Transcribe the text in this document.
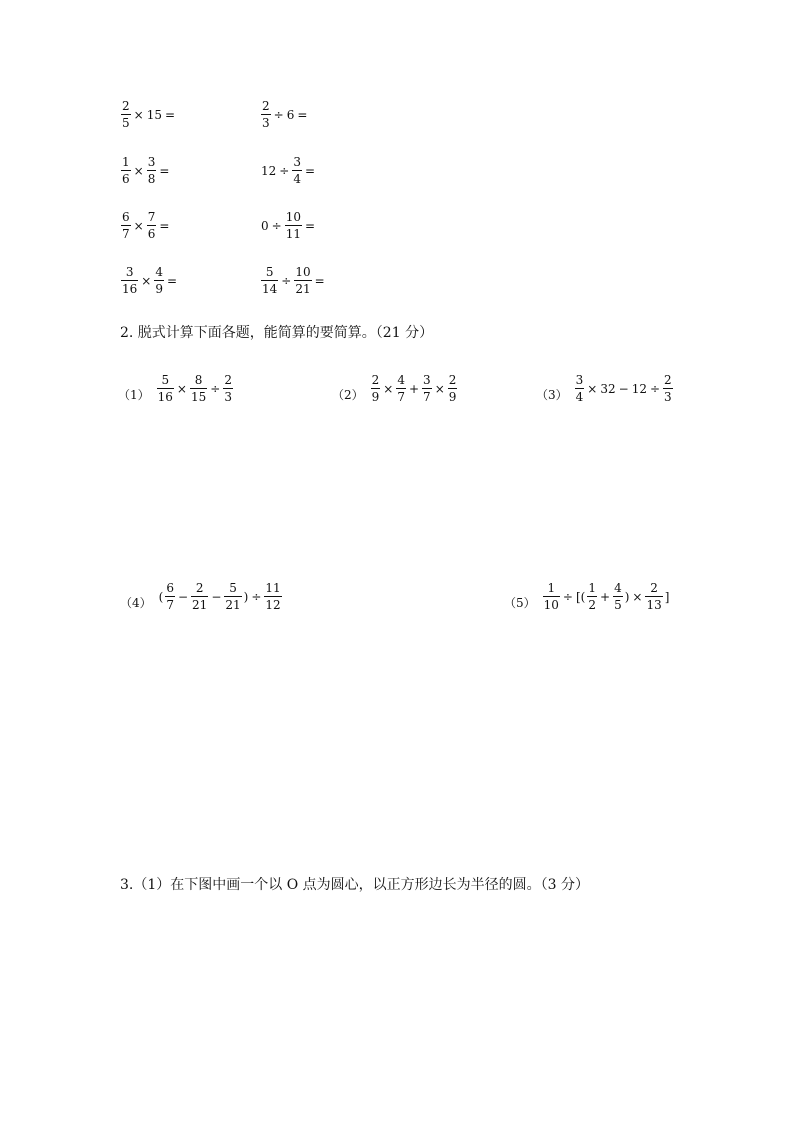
$\frac{2}{5} \times 15$ =	$\frac{2}{3} \div 6$ =
$\frac{1}{6} \times \frac{3}{8}$ =	$12 \div \frac{3}{4}$ =
$\frac{6}{7} \times \frac{7}{6}$ =	$0 \div \frac{10}{11}$ =
$\frac{3}{16} \times \frac{4}{9}$ =	$\frac{5}{14} \div \frac{10}{21}$ =
2. 脱式计算下面各题，能简算的要简算。（21 分）
$(1) \frac{5}{16} \times \frac{8}{15} \div \frac{2}{3}$	$(2) \frac{2}{9} \times \frac{4}{7} + \frac{3}{7} \times \frac{2}{9}$	$(3) \frac{3}{4} \times 32 - 12 \div \frac{2}{3}$
（4） ( $\frac{6}{7} - \frac{2}{21} - \frac{5}{21}$ ) ÷ $\frac{11}{12}$	$(5) \frac{1}{10}$ ÷ [( $\frac{1}{2} + \frac{4}{5}$ ) × $\frac{2}{13}$ ]
3.（1）在下图中画一个以 O 点为圆心，以正方形边长为半径的圆。（3 分）
